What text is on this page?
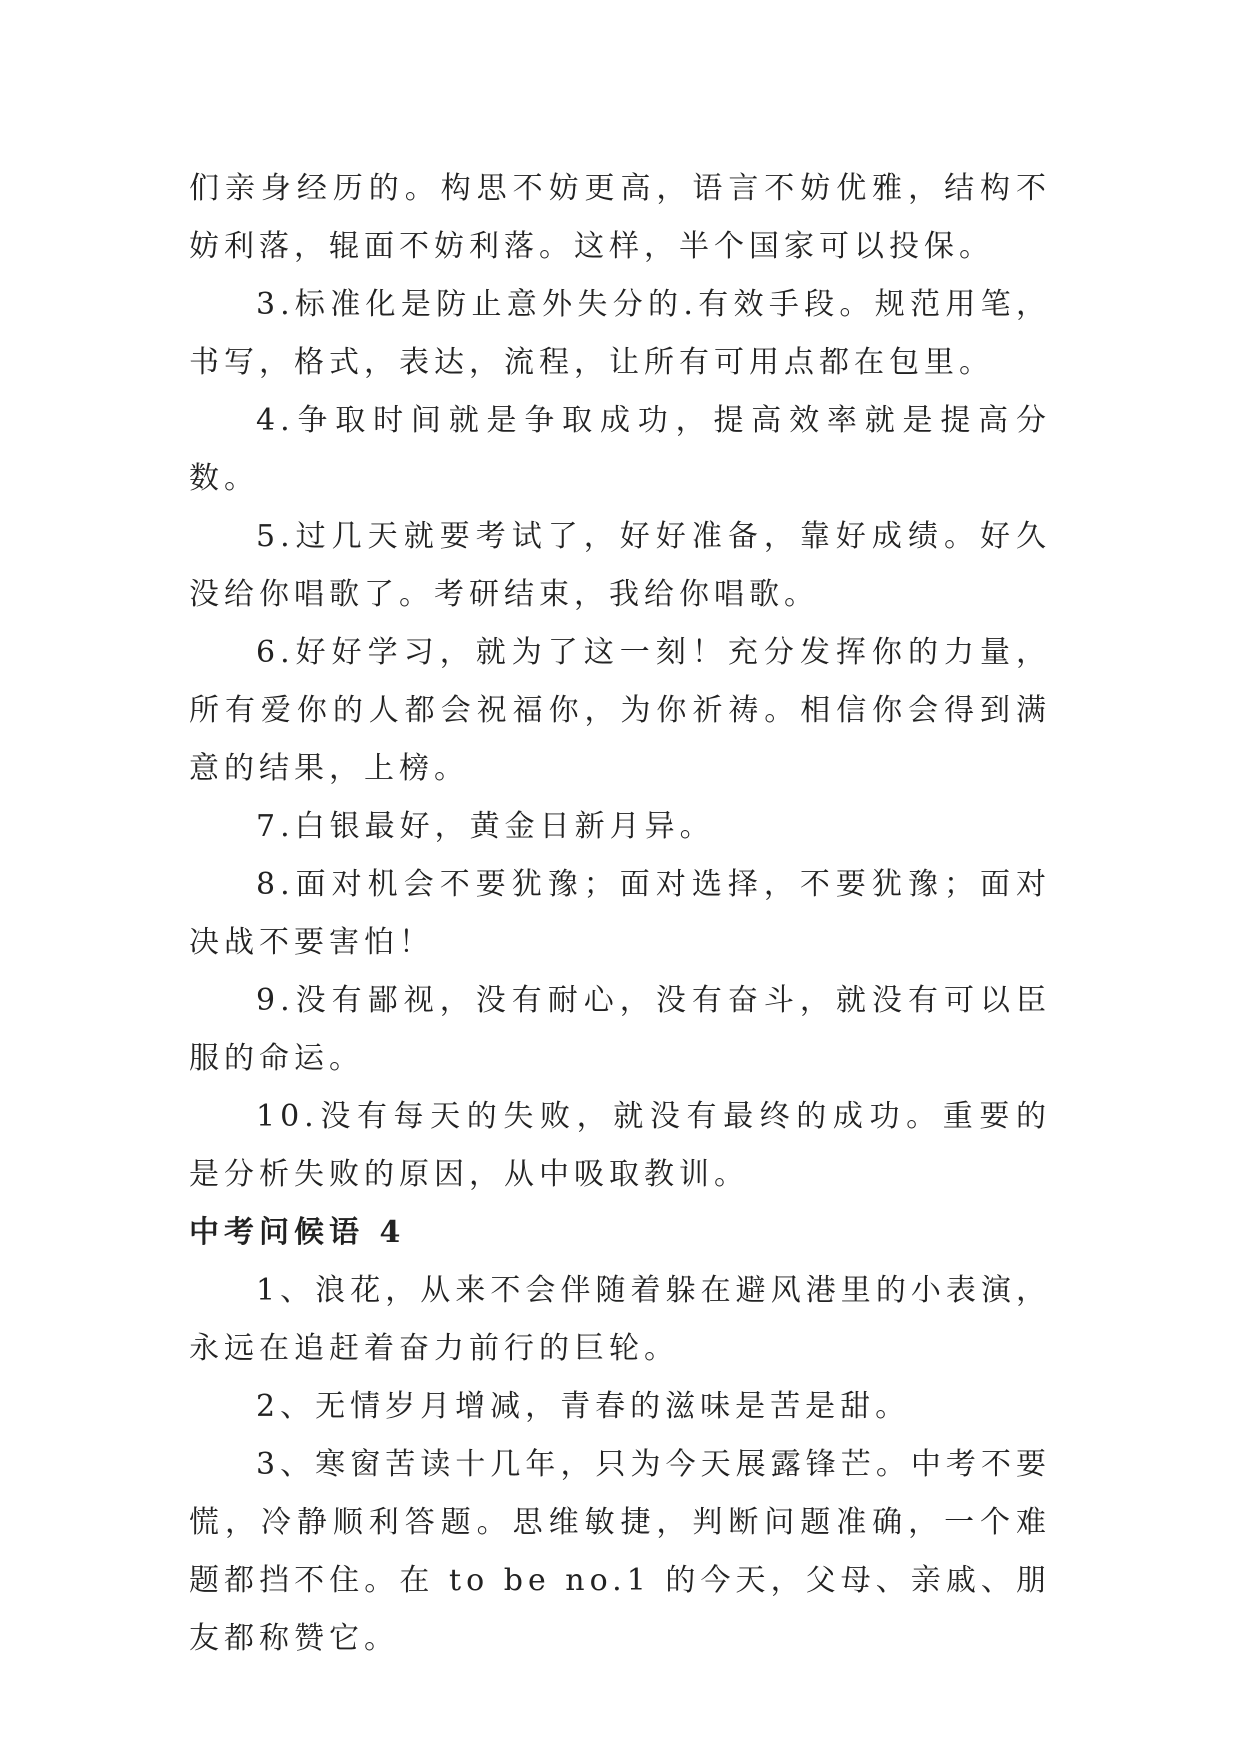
们亲身经历的。构思不妨更高，语言不妨优雅，结构不妨利落，辊面不妨利落。这样，半个国家可以投保。

3.标准化是防止意外失分的.有效手段。规范用笔，书写，格式，表达，流程，让所有可用点都在包里。

4.争取时间就是争取成功，提高效率就是提高分数。

5.过几天就要考试了，好好准备，靠好成绩。好久没给你唱歌了。考研结束，我给你唱歌。

6.好好学习，就为了这一刻！充分发挥你的力量，所有爱你的人都会祝福你，为你祈祷。相信你会得到满意的结果，上榜。

7.白银最好，黄金日新月异。

8.面对机会不要犹豫；面对选择，不要犹豫；面对决战不要害怕！

9.没有鄙视，没有耐心，没有奋斗，就没有可以臣服的命运。

10.没有每天的失败，就没有最终的成功。重要的是分析失败的原因，从中吸取教训。

中考问候语 4

1、浪花，从来不会伴随着躲在避风港里的小表演，永远在追赶着奋力前行的巨轮。

2、无情岁月增减，青春的滋味是苦是甜。

3、寒窗苦读十几年，只为今天展露锋芒。中考不要慌，冷静顺利答题。思维敏捷，判断问题准确，一个难题都挡不住。在 to be no.1 的今天，父母、亲戚、朋友都称赞它。
